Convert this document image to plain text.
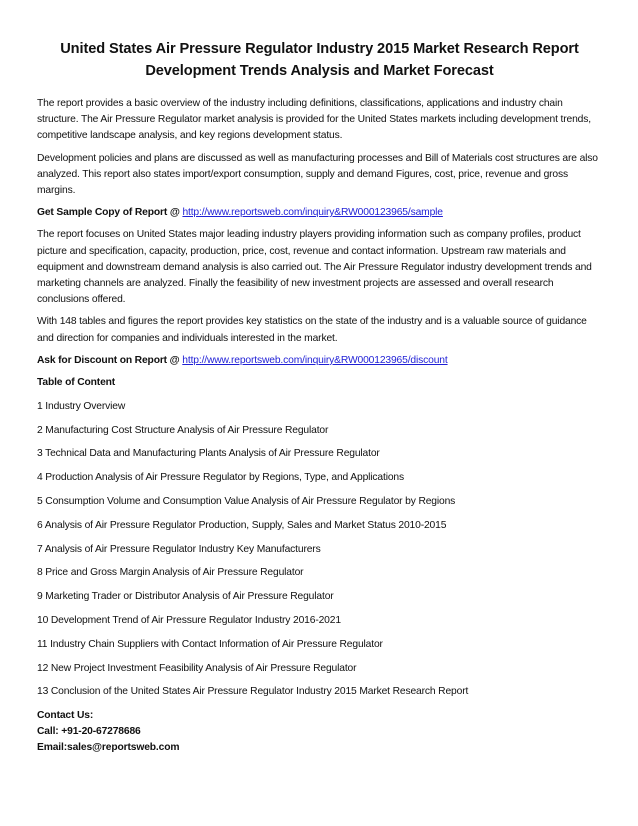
United States Air Pressure Regulator Industry 2015 Market Research Report
Development Trends Analysis and Market Forecast

The report provides a basic overview of the industry including definitions, classifications, applications and industry chain structure. The Air Pressure Regulator market analysis is provided for the United States markets including development trends, competitive landscape analysis, and key regions development status.

Development policies and plans are discussed as well as manufacturing processes and Bill of Materials cost structures are also analyzed. This report also states import/export consumption, supply and demand Figures, cost, price, revenue and gross margins.

Get Sample Copy of Report @ http://www.reportsweb.com/inquiry&RW000123965/sample

The report focuses on United States major leading industry players providing information such as company profiles, product picture and specification, capacity, production, price, cost, revenue and contact information. Upstream raw materials and equipment and downstream demand analysis is also carried out. The Air Pressure Regulator industry development trends and marketing channels are analyzed. Finally the feasibility of new investment projects are assessed and overall research conclusions offered.

With 148 tables and figures the report provides key statistics on the state of the industry and is a valuable source of guidance and direction for companies and individuals interested in the market.

Ask for Discount on Report @ http://www.reportsweb.com/inquiry&RW000123965/discount

Table of Content

1 Industry Overview

2 Manufacturing Cost Structure Analysis of Air Pressure Regulator

3 Technical Data and Manufacturing Plants Analysis of Air Pressure Regulator

4 Production Analysis of Air Pressure Regulator by Regions, Type, and Applications

5 Consumption Volume and Consumption Value Analysis of Air Pressure Regulator by Regions

6 Analysis of Air Pressure Regulator Production, Supply, Sales and Market Status 2010-2015

7 Analysis of Air Pressure Regulator Industry Key Manufacturers

8 Price and Gross Margin Analysis of Air Pressure Regulator

9 Marketing Trader or Distributor Analysis of Air Pressure Regulator

10 Development Trend of Air Pressure Regulator Industry 2016-2021

11 Industry Chain Suppliers with Contact Information of Air Pressure Regulator

12 New Project Investment Feasibility Analysis of Air Pressure Regulator

13 Conclusion of the United States Air Pressure Regulator Industry 2015 Market Research Report

Contact Us:

Call: +91-20-67278686

Email:sales@reportsweb.com
